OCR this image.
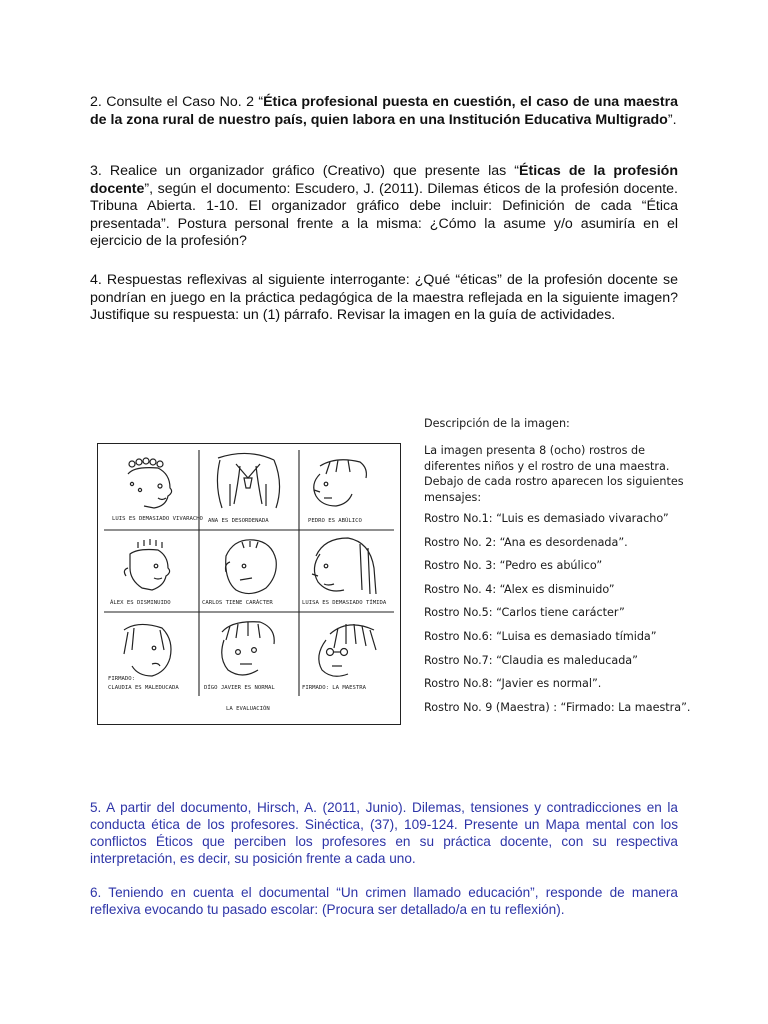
2. Consulte el Caso No. 2 “Ética profesional puesta en cuestión, el caso de una maestra de la zona rural de nuestro país, quien labora en una Institución Educativa Multigrado”.
3. Realice un organizador gráfico (Creativo) que presente las “Éticas de la profesión docente”, según el documento: Escudero, J. (2011). Dilemas éticos de la profesión docente. Tribuna Abierta. 1-10. El organizador gráfico debe incluir: Definición de cada “Ética presentada”. Postura personal frente a la misma: ¿Cómo la asume y/o asumiría en el ejercicio de la profesión?
4. Respuestas reflexivas al siguiente interrogante: ¿Qué “éticas” de la profesión docente se pondrían en juego en la práctica pedagógica de la maestra reflejada en la siguiente imagen? Justifique su respuesta: un (1) párrafo. Revisar la imagen en la guía de actividades.
LUIS ES DEMASIADO VIVARACHO ANA ES DESORDENADA	PEDRO ES ABÚLICO
ÁLEX ES DISMINUIDO	CARLOS TIENE CARÁCTER	LUISA ES DEMASIADO TÍMIDA
FIRMADO:
CLAUDIA ES MALEDUCADA	DÍGO JAVIER ES NORMAL	FIRMADO: LA MAESTRA
LA EVALUACIÓN
Descripción de la imagen:
La imagen presenta 8 (ocho) rostros de diferentes niños y el rostro de una maestra. Debajo de cada rostro aparecen los siguientes mensajes:
Rostro No.1: “Luis es demasiado vivaracho”
Rostro No. 2: “Ana es desordenada”.
Rostro No. 3: “Pedro es abúlico”
Rostro No. 4: “Alex es disminuido”
Rostro No.5: “Carlos tiene carácter”
Rostro No.6: “Luisa es demasiado tímida”
Rostro No.7: “Claudia es maleducada”
Rostro No.8: “Javier es normal”.
Rostro No. 9 (Maestra) : “Firmado: La maestra”.
5. A partir del documento, Hirsch, A. (2011, Junio). Dilemas, tensiones y contradicciones en la conducta ética de los profesores. Sinéctica, (37), 109-124. Presente un Mapa mental con los conflictos Éticos que perciben los profesores en su práctica docente, con su respectiva interpretación, es decir, su posición frente a cada uno.
6. Teniendo en cuenta el documental “Un crimen llamado educación”, responde de manera reflexiva evocando tu pasado escolar: (Procura ser detallado/a en tu reflexión).
